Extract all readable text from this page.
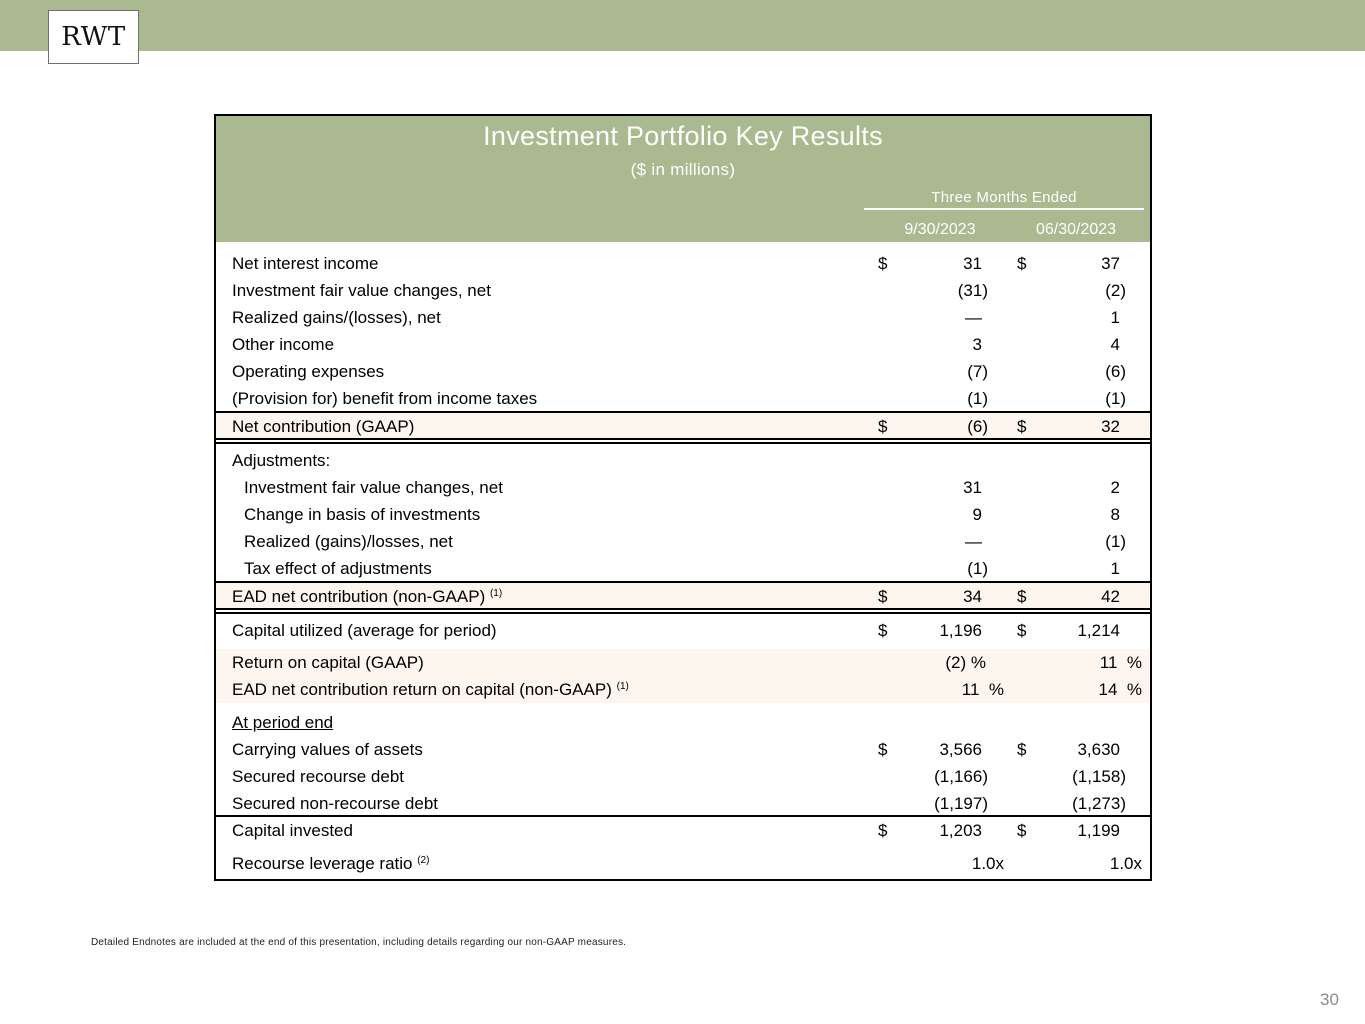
RWT
Investment Portfolio Key Results
($ in millions)
Three Months Ended
9/30/2023	06/30/2023
Net interest income	$	31 $	37
Investment fair value changes, net	(31)	(2)
Realized gains/(losses), net	—	1
Other income	3	4
Operating expenses	(7)	(6)
(Provision for) benefit from income taxes	(1)	(1)
Net contribution (GAAP)	$	(6) $	32
Adjustments:
Investment fair value changes, net	31	2
Change in basis of investments	9	8
Realized (gains)/losses, net	—	(1)
Tax effect of adjustments	(1)	1
EAD net contribution (non-GAAP) $^{(1)}$	$	34 $	42
Capital utilized (average for period)	$	1,196 $	1,214
Return on capital (GAAP)	(2) %	11 %
EAD net contribution return on capital (non-GAAP) $^{(1)}$	11 %	14 %
At period end
Carrying values of assets	$	3,566 $	3,630
Secured recourse debt	(1,166)	(1,158)
Secured non-recourse debt	(1,197)	(1,273)
Capital invested	$	1,203 $	1,199
Recourse leverage ratio $^{(2)}$	1.0x	1.0x
Detailed Endnotes are included at the end of this presentation, including details regarding our non-GAAP measures.
30
